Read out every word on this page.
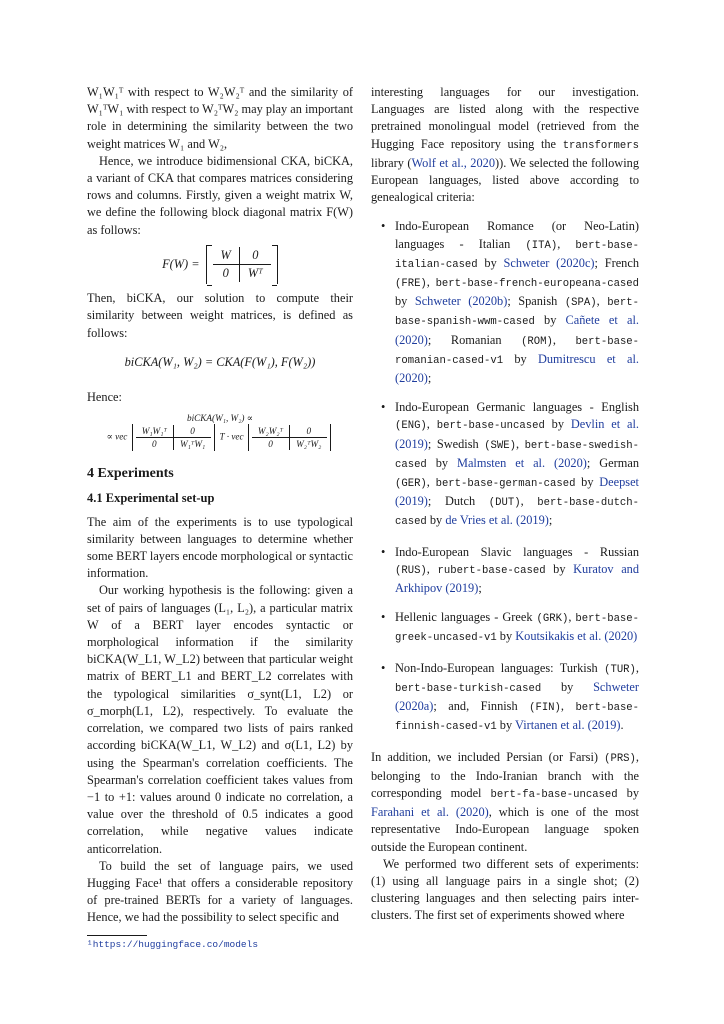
W₁W₁ᵀ with respect to W₂W₂ᵀ and the similarity of W₁ᵀW₁ with respect to W₂ᵀW₂ may play an important role in determining the similarity between the two weight matrices W₁ and W₂,

Hence, we introduce bidimensional CKA, biCKA, a variant of CKA that compares matrices considering rows and columns. Firstly, given a weight matrix W, we define the following block diagonal matrix F(W) as follows:

F(W) =
W	0
0	Wᵀ

Then, biCKA, our solution to compute their similarity between weight matrices, is defined as follows:

biCKA(W₁, W₂) = CKA(F(W₁), F(W₂))

Hence:

biCKA(W₁, W₂) ∝
∝ vec
W₁W₁ᵀ	0
0	W₁ᵀW₁
T · vec
W₂W₂ᵀ	0
0	W₂ᵀW₂
4 Experiments
4.1 Experimental set-up

The aim of the experiments is to use typological similarity between languages to determine whether some BERT layers encode morphological or syntactic information.

Our working hypothesis is the following: given a set of pairs of languages (L₁, L₂), a particular matrix W of a BERT layer encodes syntactic or morphological information if the similarity biCKA(W_L1, W_L2) between that particular weight matrix of BERT_L1 and BERT_L2 correlates with the typological similarities σ_synt(L1, L2) or σ_morph(L1, L2), respectively. To evaluate the correlation, we compared two lists of pairs ranked according biCKA(W_L1, W_L2) and σ(L1, L2) by using the Spearman's correlation coefficients. The Spearman's correlation coefficient takes values from −1 to +1: values around 0 indicate no correlation, a value over the threshold of 0.5 indicates a good correlation, while negative values indicate anticorrelation.

To build the set of language pairs, we used Hugging Face¹ that offers a considerable repository of pre-trained BERTs for a variety of languages. Hence, we had the possibility to select specific and

¹https://huggingface.co/models

interesting languages for our investigation. Languages are listed along with the respective pretrained monolingual model (retrieved from the Hugging Face repository using the transformers library (Wolf et al., 2020)). We selected the following European languages, listed above according to genealogical criteria:

• Indo-European Romance (or Neo-Latin) languages - Italian (ITA), bert-base-italian-cased by Schweter (2020c); French (FRE), bert-base-french-europeana-cased by Schweter (2020b); Spanish (SPA), bert-base-spanish-wwm-cased by Cañete et al. (2020); Romanian (ROM), bert-base-romanian-cased-v1 by Dumitrescu et al. (2020);
• Indo-European Germanic languages - English (ENG), bert-base-uncased by Devlin et al. (2019); Swedish (SWE), bert-base-swedish-cased by Malmsten et al. (2020); German (GER), bert-base-german-cased by Deepset (2019); Dutch (DUT), bert-base-dutch-cased by de Vries et al. (2019);
• Indo-European Slavic languages - Russian (RUS), rubert-base-cased by Kuratov and Arkhipov (2019);
• Hellenic languages - Greek (GRK), bert-base-greek-uncased-v1 by Koutsikakis et al. (2020)
• Non-Indo-European languages: Turkish (TUR), bert-base-turkish-cased by Schweter (2020a); and, Finnish (FIN), bert-base-finnish-cased-v1 by Virtanen et al. (2019).

In addition, we included Persian (or Farsi) (PRS), belonging to the Indo-Iranian branch with the corresponding model bert-fa-base-uncased by Farahani et al. (2020), which is one of the most representative Indo-European language spoken outside the European continent.

We performed two different sets of experiments: (1) using all language pairs in a single shot; (2) clustering languages and then selecting pairs inter-clusters. The first set of experiments showed where
